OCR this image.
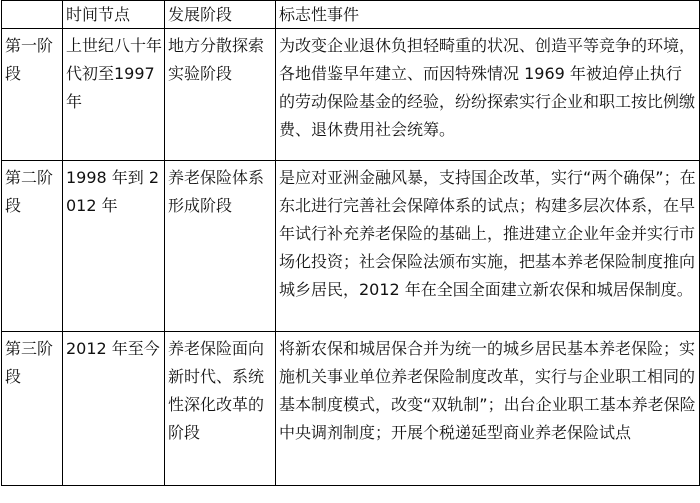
	时间节点	发展阶段	标志性事件
第一阶段	上世纪八十年代初至1997年	地方分散探索实验阶段	为改变企业退休负担轻畸重的状况、创造平等竞争的环境，各地借鉴早年建立、而因特殊情况 1969 年被迫停止执行的劳动保险基金的经验，纷纷探索实行企业和职工按比例缴费、退休费用社会统筹。
第二阶段	1998 年到 2012 年	养老保险体系形成阶段	是应对亚洲金融风暴，支持国企改革，实行“两个确保”；在东北进行完善社会保障体系的试点；构建多层次体系，在早年试行补充养老保险的基础上，推进建立企业年金并实行市场化投资；社会保险法颁布实施，把基本养老保险制度推向城乡居民，2012 年在全国全面建立新农保和城居保制度。
第三阶段	2012 年至今	养老保险面向新时代、系统性深化改革的阶段	将新农保和城居保合并为统一的城乡居民基本养老保险；实施机关事业单位养老保险制度改革，实行与企业职工相同的基本制度模式，改变“双轨制”；出台企业职工基本养老保险中央调剂制度；开展个税递延型商业养老保险试点
